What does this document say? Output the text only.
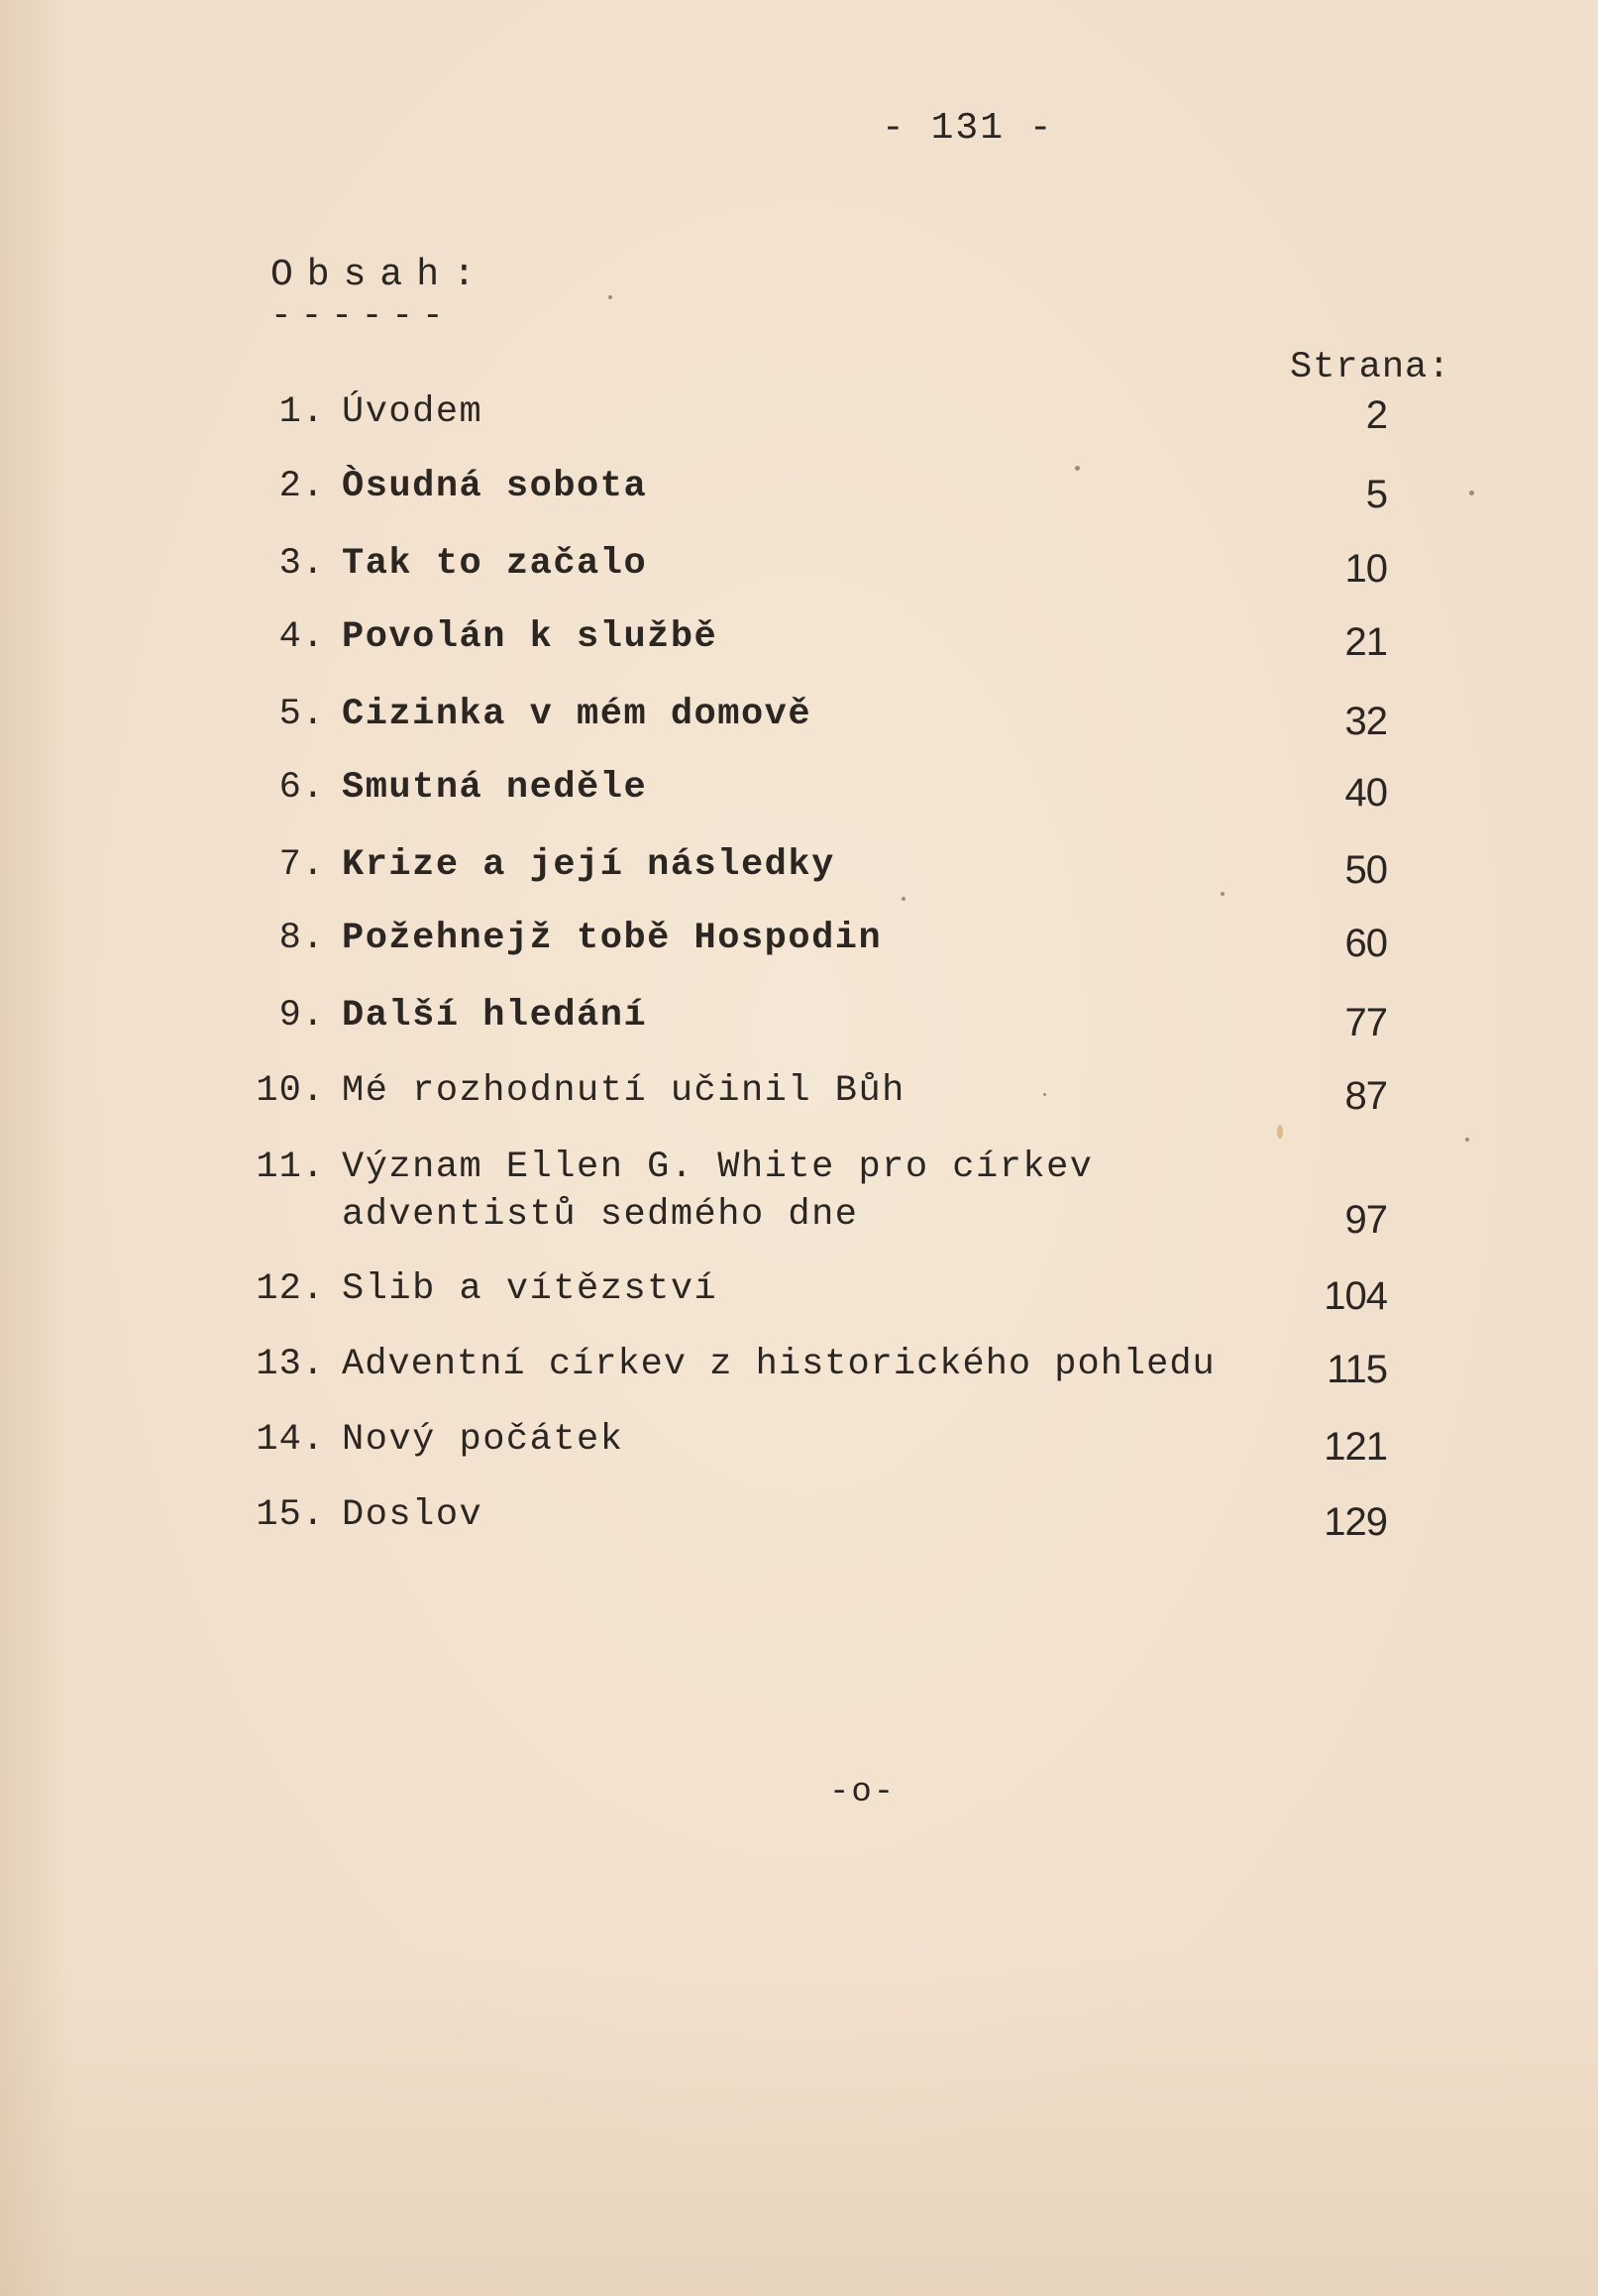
- 131 -
Obsah:
------
Strana:
1. Úvodem	2
2. Òsudná sobota	5
3. Tak to začalo	10
4. Povolán k službě	21
5. Cizinka v mém domově	32
6. Smutná neděle	40
7. Krize a její následky	50
8. Požehnejž tobě Hospodin	60
9. Další hledání	77
10. Mé rozhodnutí učinil Bůh	87
11. Význam Ellen G. White pro církev
adventistů sedmého dne	97
12. Slib a vítězství	104
13. Adventní církev z historického pohledu	115
14. Nový počátek	121
15. Doslov	129
-o-
